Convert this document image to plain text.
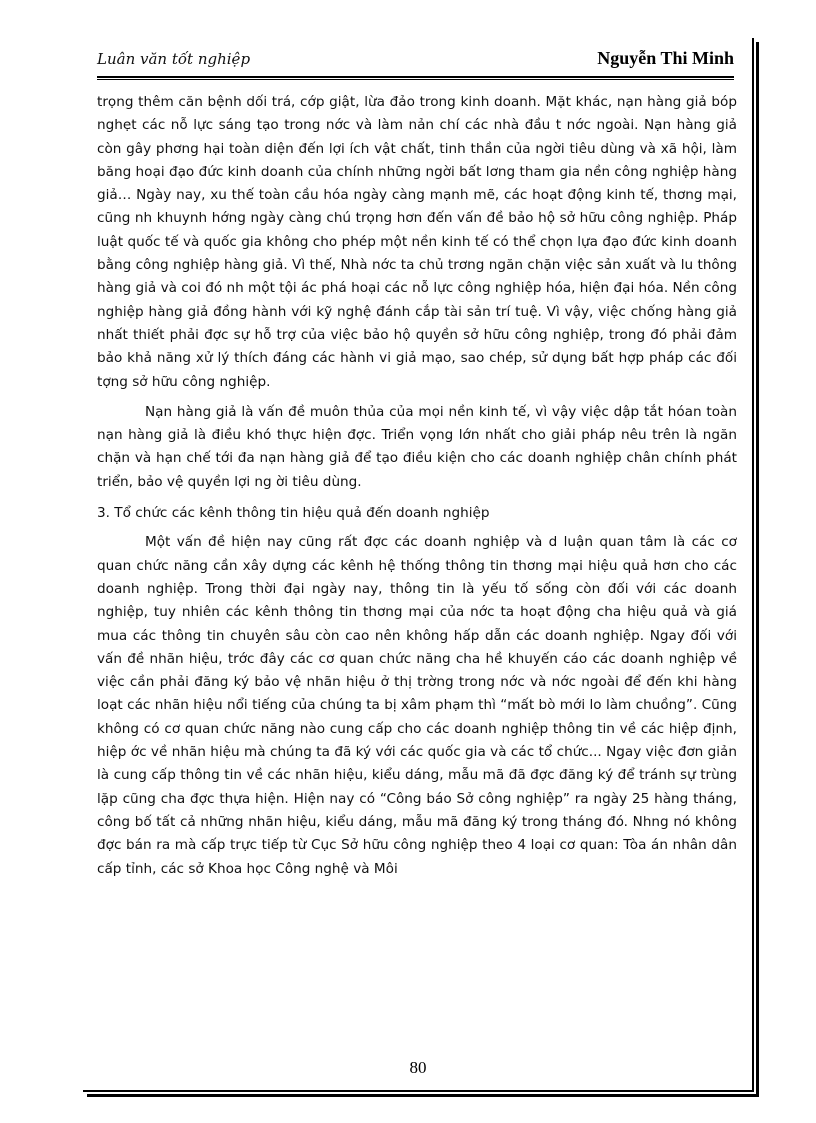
Luân văn tốt nghiệp	Nguyễn Thi Minh

trọng thêm căn bệnh dối trá, cớp giật, lừa đảo trong kinh doanh. Mặt khác, nạn hàng giả bóp nghẹt các nỗ lực sáng tạo trong nớc và làm nản chí các nhà đầu t nớc ngoài. Nạn hàng giả còn gây phơng hại toàn diện đến lợi ích vật chất, tinh thần của ngời tiêu dùng và xã hội, làm băng hoại đạo đức kinh doanh của chính những ngời bất lơng tham gia nền công nghiệp hàng giả… Ngày nay, xu thế toàn cầu hóa ngày càng mạnh mẽ, các hoạt động kinh tế, thơng mại, cũng nh khuynh hớng ngày càng chú trọng hơn đến vấn đề bảo hộ sở hữu công nghiệp. Pháp luật quốc tế và quốc gia không cho phép một nền kinh tế có thể chọn lựa đạo đức kinh doanh bằng công nghiệp hàng giả. Vì thế, Nhà nớc ta chủ trơng ngăn chặn việc sản xuất và lu thông hàng giả và coi đó nh một tội ác phá hoại các nỗ lực công nghiệp hóa, hiện đại hóa. Nền công nghiệp hàng giả đồng hành với kỹ nghệ đánh cắp tài sản trí tuệ. Vì vậy, việc chống hàng giả nhất thiết phải đợc sự hỗ trợ của việc bảo hộ quyền sở hữu công nghiệp, trong đó phải đảm bảo khả năng xử lý thích đáng các hành vi giả mạo, sao chép, sử dụng bất hợp pháp các đối tợng sở hữu công nghiệp.

Nạn hàng giả là vấn đề muôn thủa của mọi nền kinh tế, vì vậy việc dập tắt hóan toàn nạn hàng giả là điều khó thực hiện đợc. Triển vọng lớn nhất cho giải pháp nêu trên là ngăn chặn và hạn chế tới đa nạn hàng giả để tạo điều kiện cho các doanh nghiệp chân chính phát triển, bảo vệ quyền lợi ng ời tiêu dùng.

3. Tổ chức các kênh thông tin hiệu quả đến doanh nghiệp

Một vấn đề hiện nay cũng rất đợc các doanh nghiệp và d luận quan tâm là các cơ quan chức năng cần xây dựng các kênh hệ thống thông tin thơng mại hiệu quả hơn cho các doanh nghiệp. Trong thời đại ngày nay, thông tin là yếu tố sống còn đối với các doanh nghiệp, tuy nhiên các kênh thông tin thơng mại của nớc ta hoạt động cha hiệu quả và giá mua các thông tin chuyên sâu còn cao nên không hấp dẫn các doanh nghiệp. Ngay đối với vấn đề nhãn hiệu, trớc đây các cơ quan chức năng cha hề khuyến cáo các doanh nghiệp về việc cần phải đăng ký bảo vệ nhãn hiệu ở thị trờng trong nớc và nớc ngoài để đến khi hàng loạt các nhãn hiệu nổi tiếng của chúng ta bị xâm phạm thì “mất bò mới lo làm chuồng”. Cũng không có cơ quan chức năng nào cung cấp cho các doanh nghiệp thông tin về các hiệp định, hiệp ớc về nhãn hiệu mà chúng ta đã ký với các quốc gia và các tổ chức... Ngay việc đơn giản là cung cấp thông tin về các nhãn hiệu, kiểu dáng, mẫu mã đã đợc đăng ký để tránh sự trùng lặp cũng cha đợc thựa hiện. Hiện nay có “Công báo Sở công nghiệp” ra ngày 25 hàng tháng, công bố tất cả những nhãn hiệu, kiểu dáng, mẫu mã đăng ký trong tháng đó. Nhng nó không đợc bán ra mà cấp trực tiếp từ Cục Sở hữu công nghiệp theo 4 loại cơ quan: Tòa án nhân dân cấp tỉnh, các sở Khoa học Công nghệ và Môi

80
